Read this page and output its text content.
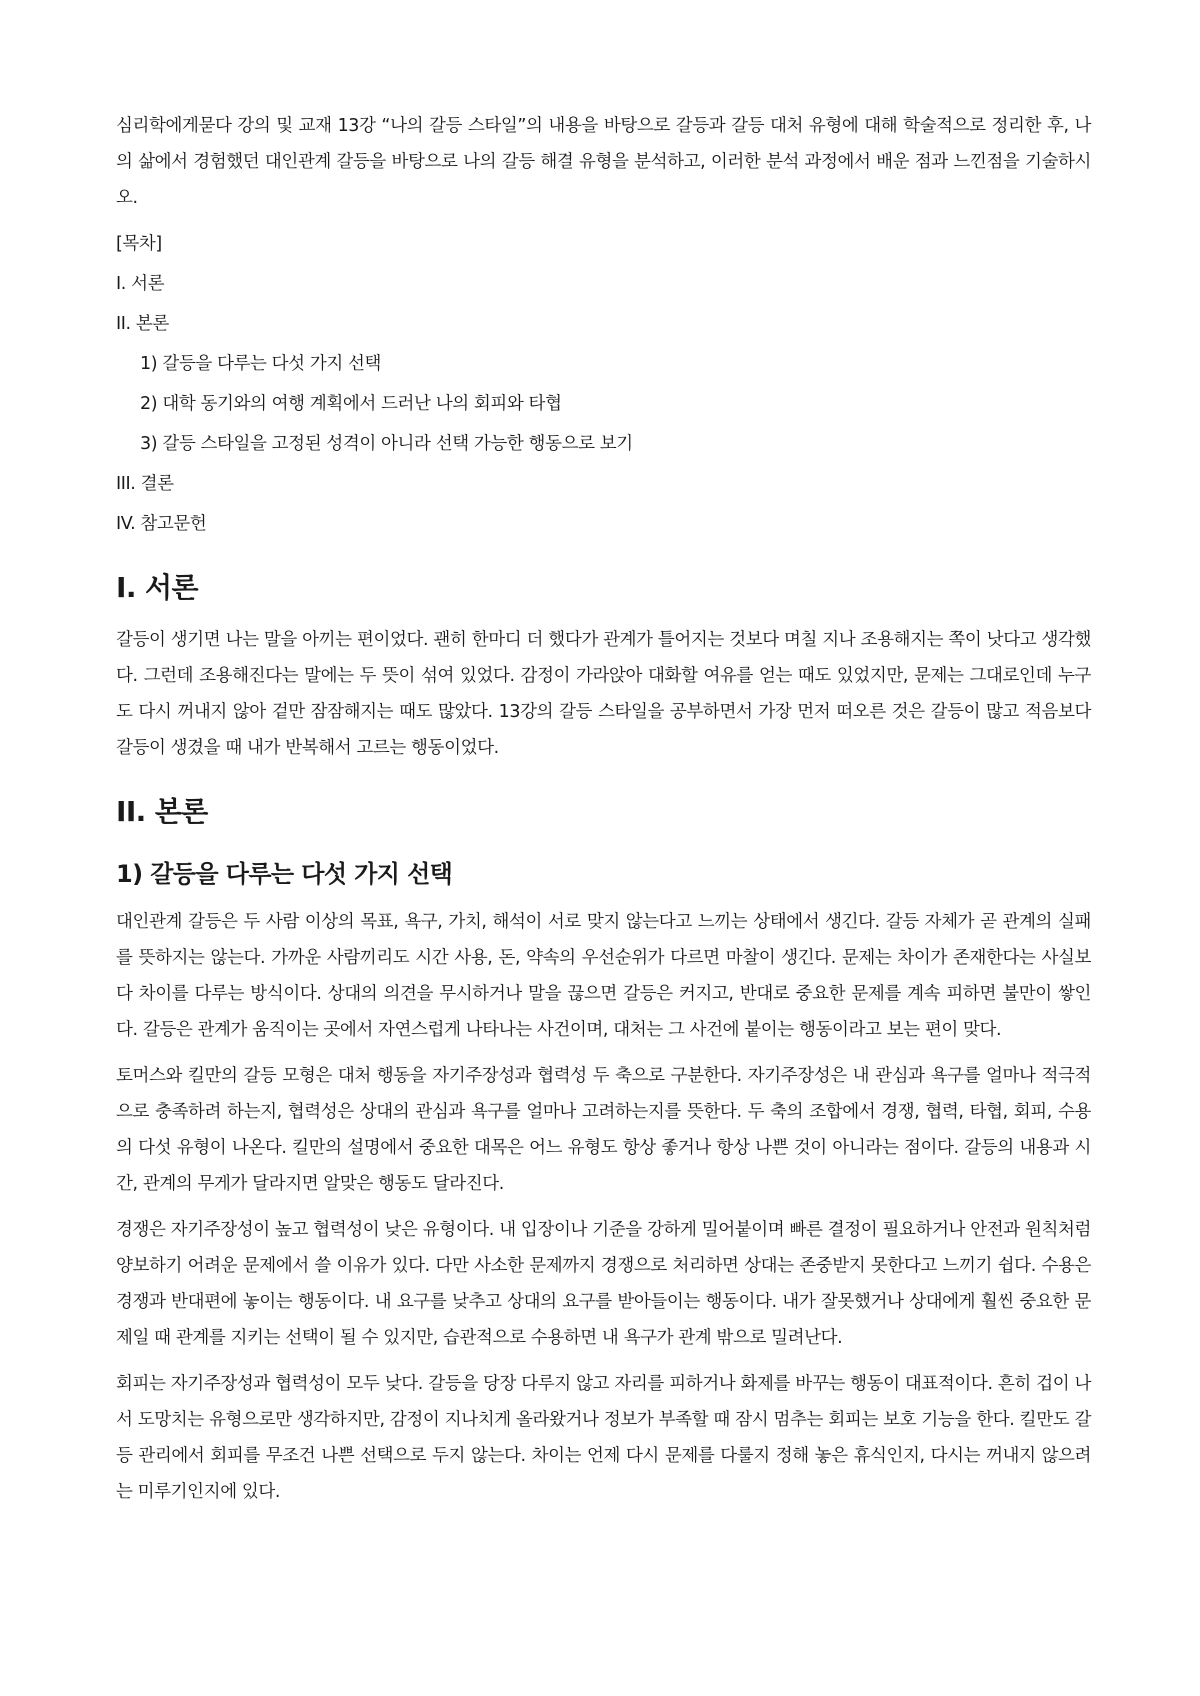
심리학에게묻다 강의 및 교재 13강 “나의 갈등 스타일”의 내용을 바탕으로 갈등과 갈등 대처 유형에 대해 학술적으로 정리한 후, 나의 삶에서 경험했던 대인관계 갈등을 바탕으로 나의 갈등 해결 유형을 분석하고, 이러한 분석 과정에서 배운 점과 느낀점을 기술하시오.

[목차]

I. 서론
II. 본론
1) 갈등을 다루는 다섯 가지 선택
2) 대학 동기와의 여행 계획에서 드러난 나의 회피와 타협
3) 갈등 스타일을 고정된 성격이 아니라 선택 가능한 행동으로 보기
III. 결론
IV. 참고문헌
I. 서론

갈등이 생기면 나는 말을 아끼는 편이었다. 괜히 한마디 더 했다가 관계가 틀어지는 것보다 며칠 지나 조용해지는 쪽이 낫다고 생각했다. 그런데 조용해진다는 말에는 두 뜻이 섞여 있었다. 감정이 가라앉아 대화할 여유를 얻는 때도 있었지만, 문제는 그대로인데 누구도 다시 꺼내지 않아 겉만 잠잠해지는 때도 많았다. 13강의 갈등 스타일을 공부하면서 가장 먼저 떠오른 것은 갈등이 많고 적음보다 갈등이 생겼을 때 내가 반복해서 고르는 행동이었다.

II. 본론
1) 갈등을 다루는 다섯 가지 선택

대인관계 갈등은 두 사람 이상의 목표, 욕구, 가치, 해석이 서로 맞지 않는다고 느끼는 상태에서 생긴다. 갈등 자체가 곧 관계의 실패를 뜻하지는 않는다. 가까운 사람끼리도 시간 사용, 돈, 약속의 우선순위가 다르면 마찰이 생긴다. 문제는 차이가 존재한다는 사실보다 차이를 다루는 방식이다. 상대의 의견을 무시하거나 말을 끊으면 갈등은 커지고, 반대로 중요한 문제를 계속 피하면 불만이 쌓인다. 갈등은 관계가 움직이는 곳에서 자연스럽게 나타나는 사건이며, 대처는 그 사건에 붙이는 행동이라고 보는 편이 맞다.

토머스와 킬만의 갈등 모형은 대처 행동을 자기주장성과 협력성 두 축으로 구분한다. 자기주장성은 내 관심과 욕구를 얼마나 적극적으로 충족하려 하는지, 협력성은 상대의 관심과 욕구를 얼마나 고려하는지를 뜻한다. 두 축의 조합에서 경쟁, 협력, 타협, 회피, 수용의 다섯 유형이 나온다. 킬만의 설명에서 중요한 대목은 어느 유형도 항상 좋거나 항상 나쁜 것이 아니라는 점이다. 갈등의 내용과 시간, 관계의 무게가 달라지면 알맞은 행동도 달라진다.

경쟁은 자기주장성이 높고 협력성이 낮은 유형이다. 내 입장이나 기준을 강하게 밀어붙이며 빠른 결정이 필요하거나 안전과 원칙처럼 양보하기 어려운 문제에서 쓸 이유가 있다. 다만 사소한 문제까지 경쟁으로 처리하면 상대는 존중받지 못한다고 느끼기 쉽다. 수용은 경쟁과 반대편에 놓이는 행동이다. 내 요구를 낮추고 상대의 요구를 받아들이는 행동이다. 내가 잘못했거나 상대에게 훨씬 중요한 문제일 때 관계를 지키는 선택이 될 수 있지만, 습관적으로 수용하면 내 욕구가 관계 밖으로 밀려난다.

회피는 자기주장성과 협력성이 모두 낮다. 갈등을 당장 다루지 않고 자리를 피하거나 화제를 바꾸는 행동이 대표적이다. 흔히 겁이 나서 도망치는 유형으로만 생각하지만, 감정이 지나치게 올라왔거나 정보가 부족할 때 잠시 멈추는 회피는 보호 기능을 한다. 킬만도 갈등 관리에서 회피를 무조건 나쁜 선택으로 두지 않는다. 차이는 언제 다시 문제를 다룰지 정해 놓은 휴식인지, 다시는 꺼내지 않으려는 미루기인지에 있다.
